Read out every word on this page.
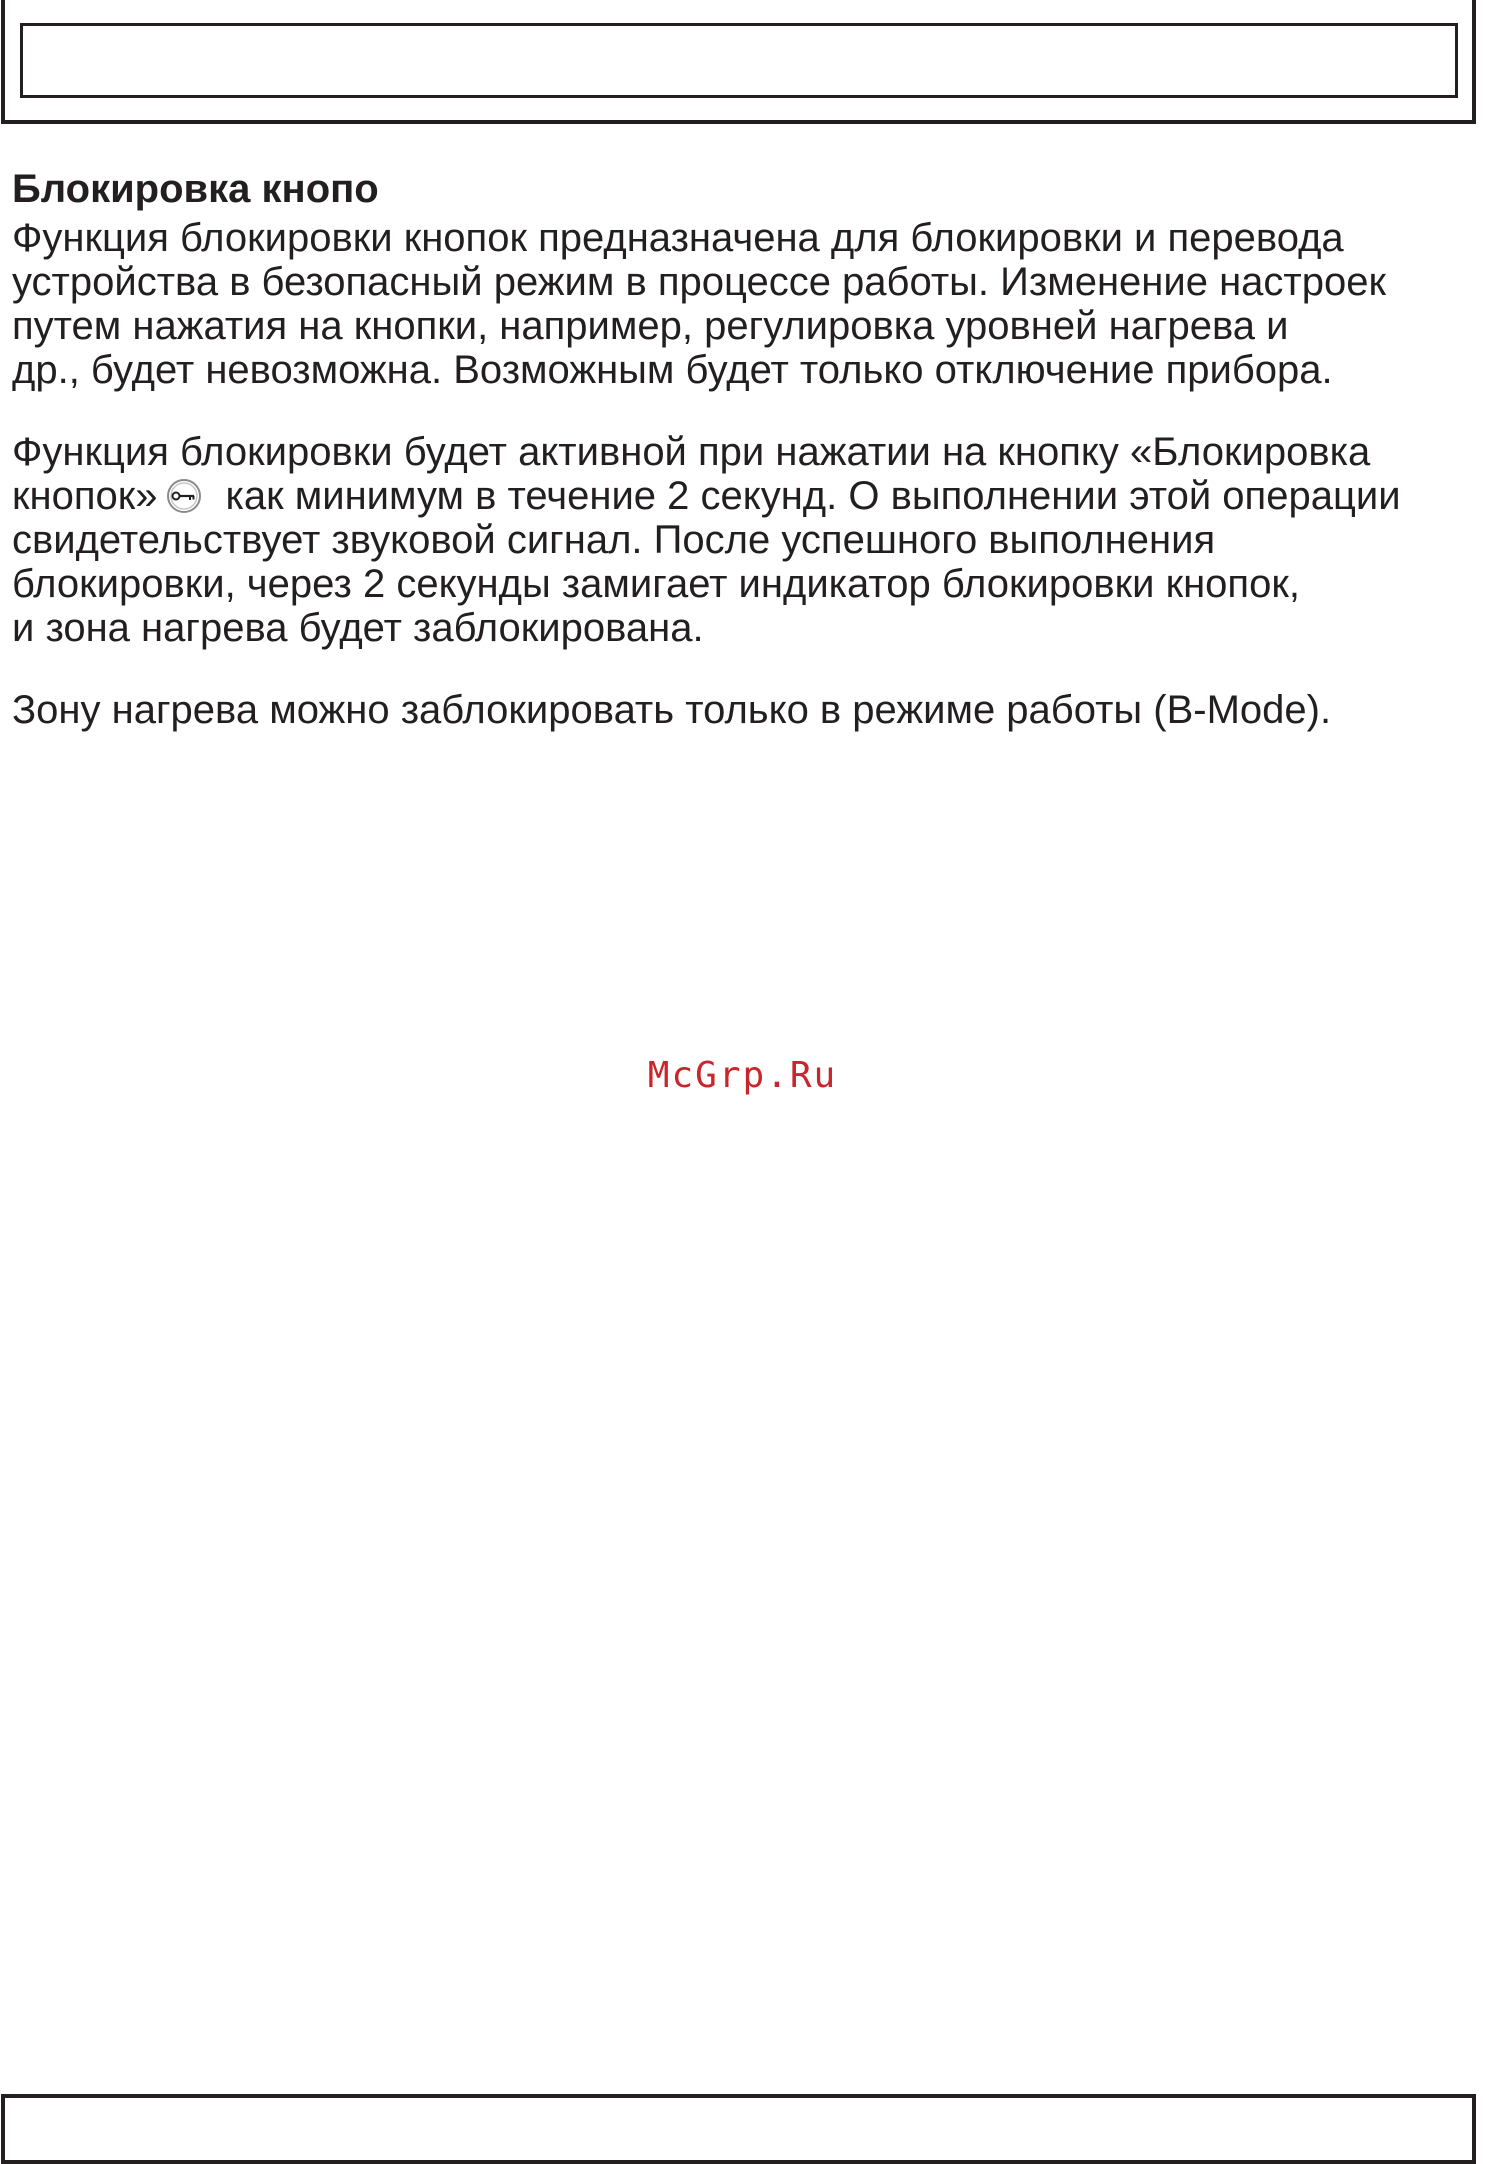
Блокировка кнопо

Функция блокировки кнопок предназначена для блокировки и перевода
устройства в безопасный режим в процессе работы. Изменение настроек
путем нажатия на кнопки, например, регулировка уровней нагрева и
др., будет невозможна. Возможным будет только отключение прибора.

Функция блокировки будет активной при нажатии на кнопку «Блокировка
кнопок» как минимум в течение 2 секунд. О выполнении этой операции
свидетельствует звуковой сигнал. После успешного выполнения
блокировки, через 2 секунды замигает индикатор блокировки кнопок,
и зона нагрева будет заблокирована.

Зону нагрева можно заблокировать только в режиме работы (B-Mode).

McGrp.Ru
